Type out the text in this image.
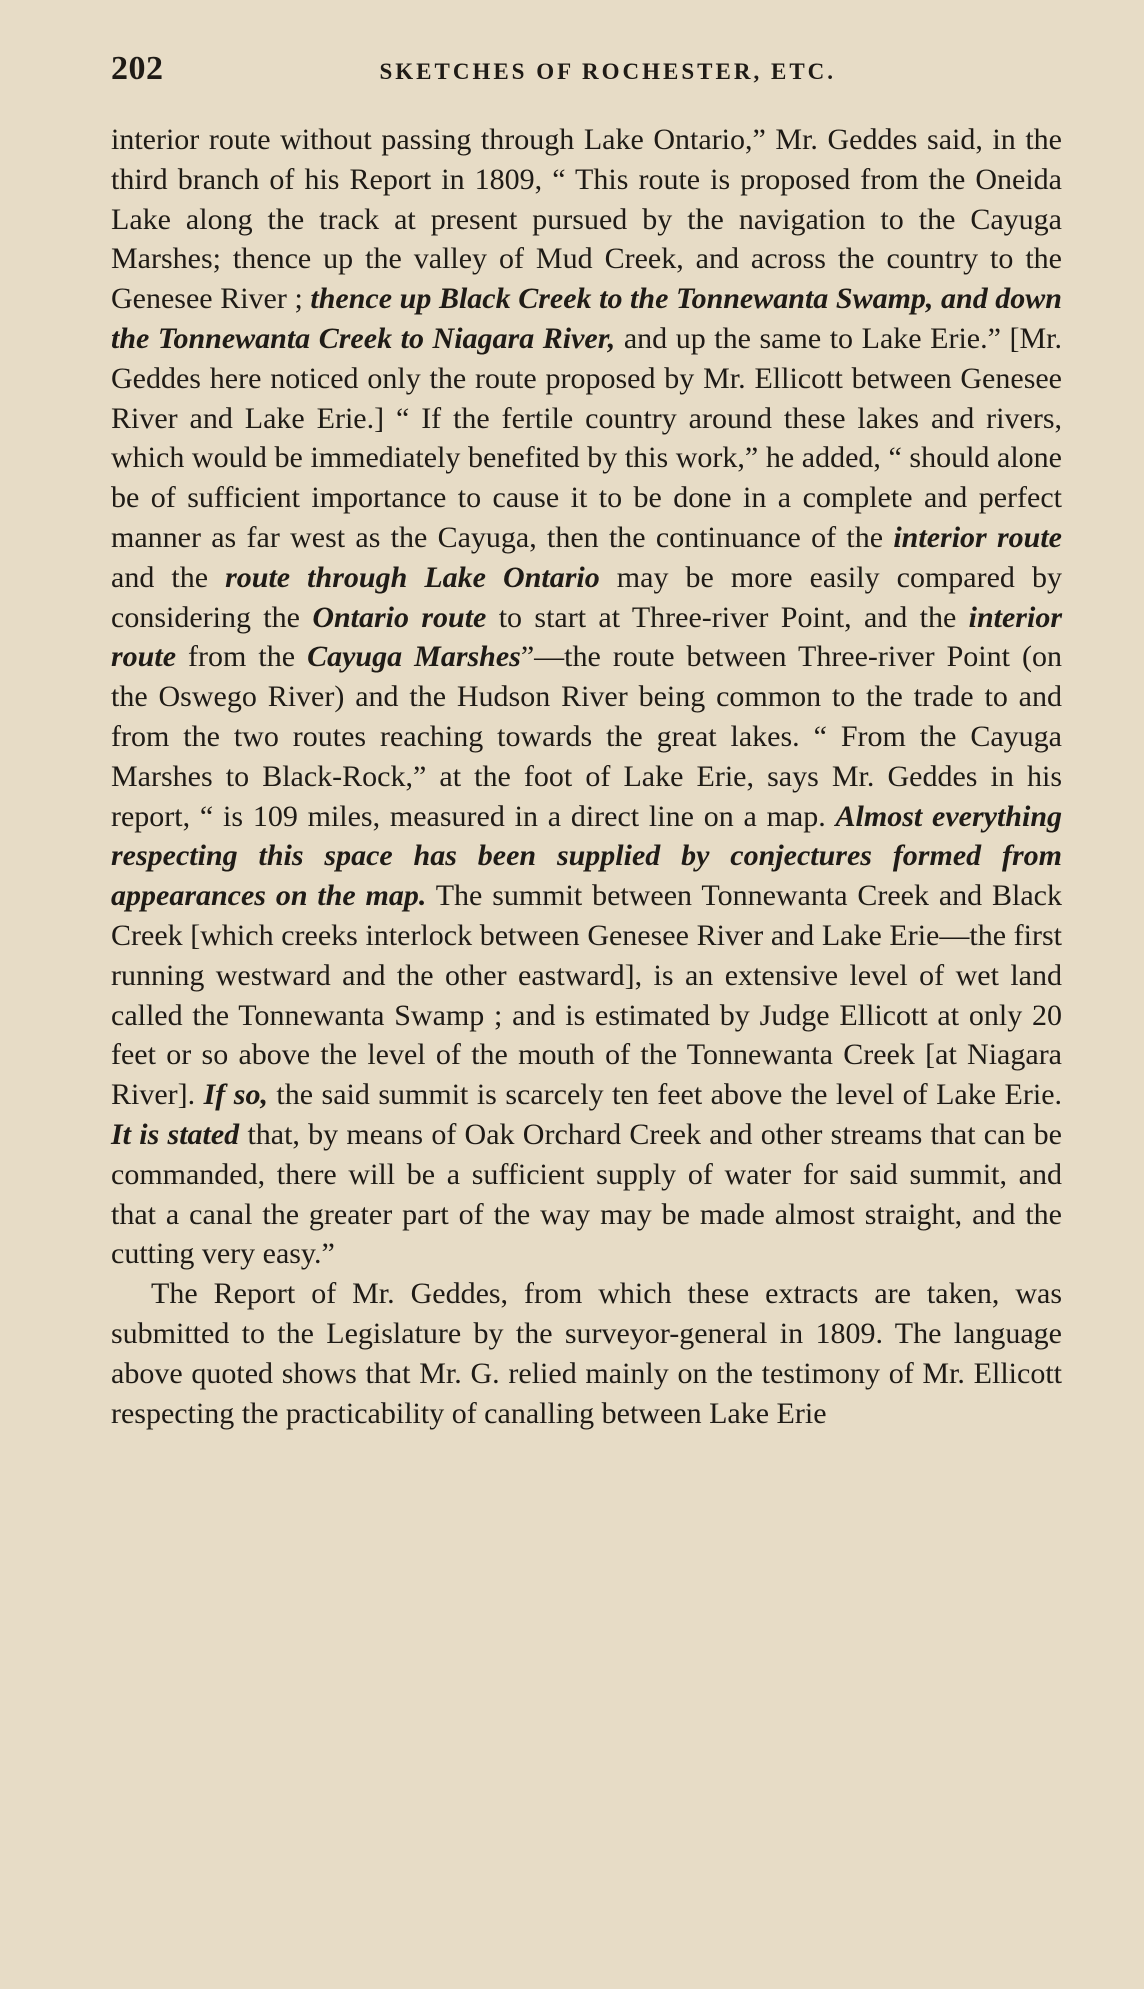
202	SKETCHES OF ROCHESTER, ETC.

interior route without passing through Lake Ontario,” Mr. Geddes said, in the third branch of his Report in 1809, “ This route is proposed from the Oneida Lake along the track at present pursued by the navigation to the Cayuga Marshes; thence up the valley of Mud Creek, and across the country to the Genesee River ; thence up Black Creek to the Tonnewanta Swamp, and down the Tonnewanta Creek to Niagara River, and up the same to Lake Erie.” [Mr. Geddes here noticed only the route proposed by Mr. Ellicott between Genesee River and Lake Erie.] “ If the fertile country around these lakes and rivers, which would be immediately benefited by this work,” he added, “ should alone be of sufficient importance to cause it to be done in a complete and perfect manner as far west as the Cayuga, then the continuance of the interior route and the route through Lake Ontario may be more easily compared by considering the Ontario route to start at Three-river Point, and the interior route from the Cayuga Marshes”—the route between Three-river Point (on the Oswego River) and the Hudson River being common to the trade to and from the two routes reaching towards the great lakes. “ From the Cayuga Marshes to Black-Rock,” at the foot of Lake Erie, says Mr. Geddes in his report, “ is 109 miles, measured in a direct line on a map. Almost everything respecting this space has been supplied by conjectures formed from appearances on the map. The summit between Tonnewanta Creek and Black Creek [which creeks interlock between Genesee River and Lake Erie—the first running westward and the other eastward], is an extensive level of wet land called the Tonnewanta Swamp ; and is estimated by Judge Ellicott at only 20 feet or so above the level of the mouth of the Tonnewanta Creek [at Niagara River]. If so, the said summit is scarcely ten feet above the level of Lake Erie. It is stated that, by means of Oak Orchard Creek and other streams that can be commanded, there will be a sufficient supply of water for said summit, and that a canal the greater part of the way may be made almost straight, and the cutting very easy.”

The Report of Mr. Geddes, from which these extracts are taken, was submitted to the Legislature by the surveyor-general in 1809. The language above quoted shows that Mr. G. relied mainly on the testimony of Mr. Ellicott respecting the practicability of canalling between Lake Erie
